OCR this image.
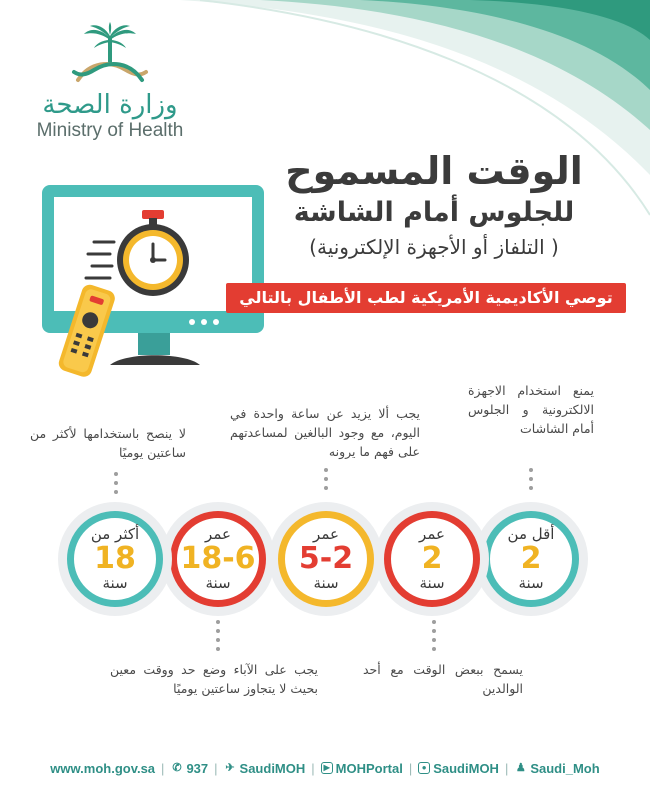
وزارة الصحة
Ministry of Health
الوقت المسموح
للجلوس أمام الشاشة
( التلفاز أو الأجهزة الإلكترونية)
توصي الأكاديمية الأمريكية لطب الأطفال بالتالي
يمنع استخدام الاجهزة الالكترونية و الجلوس أمام الشاشات
يجب ألا يزيد عن ساعة واحدة في اليوم، مع وجود البالغين لمساعدتهم على فهم ما يرونه
لا ينصح باستخدامها لأكثر من ساعتين يوميًا
يسمح ببعض الوقت مع أحد الوالدين
يجب على الآباء وضع حد ووقت معين بحيث لا يتجاوز ساعتين يوميًا
أقل من
2
سنة
عمر
2
سنة
عمر
5-2
سنة
عمر
18-6
سنة
أكثر من
18
سنة
www.moh.gov.sa | ✆ 937 | ✈ SaudiMOH |	▶ MOHPortal |	● SaudiMOH | ♟ Saudi_Moh
